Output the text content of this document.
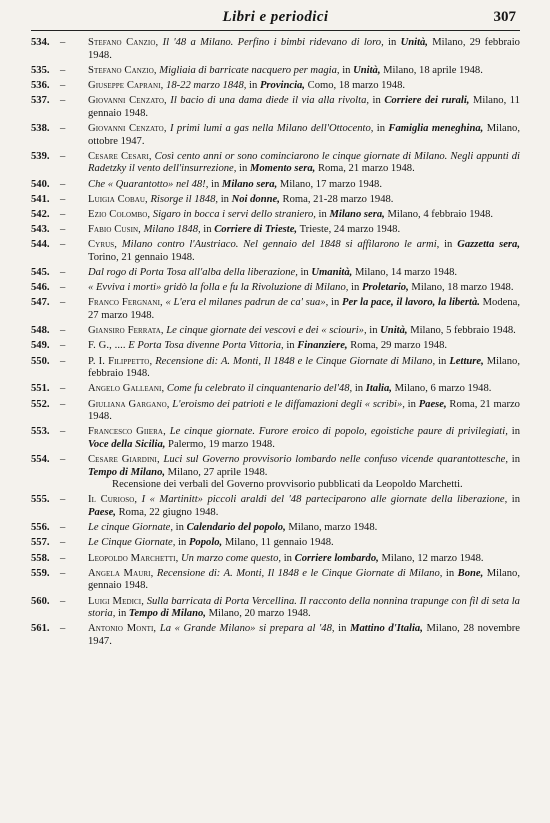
Libri e periodici	307
534. – Stefano Canzio, Il '48 a Milano. Perfino i bimbi ridevano di loro, in Unità, Milano, 29 febbraio 1948.
535. – Stefano Canzio, Migliaia di barricate nacquero per magia, in Unità, Milano, 18 aprile 1948.
536. – Giuseppe Caprani, 18-22 marzo 1848, in Provincia, Como, 18 marzo 1948.
537. – Giovanni Cenzato, Il bacio di una dama diede il via alla rivolta, in Corriere dei rurali, Milano, 11 gennaio 1948.
538. – Giovanni Cenzato, I primi lumi a gas nella Milano dell'Ottocento, in Famiglia meneghina, Milano, ottobre 1947.
539. – Cesare Cesari, Così cento anni or sono cominciarono le cinque giornate di Milano. Negli appunti di Radetzky il vento dell'insurrezione, in Momento sera, Roma, 21 marzo 1948.
540. – Che « Quarantotto» nel 48!, in Milano sera, Milano, 17 marzo 1948.
541. – Luigia Cobau, Risorge il 1848, in Noi donne, Roma, 21-28 marzo 1948.
542. – Ezio Colombo, Sigaro in bocca i servi dello straniero, in Milano sera, Milano, 4 febbraio 1948.
543. – Fabio Cusin, Milano 1848, in Corriere di Trieste, Trieste, 24 marzo 1948.
544. – Cyrus, Milano contro l'Austriaco. Nel gennaio del 1848 si affilarono le armi, in Gazzetta sera, Torino, 21 gennaio 1948.
545. – Dal rogo di Porta Tosa all'alba della liberazione, in Umanità, Milano, 14 marzo 1948.
546. – « Evviva i morti» gridò la folla e fu la Rivoluzione di Milano, in Proletario, Milano, 18 marzo 1948.
547. – Franco Fergnani, « L'era el milanes padrun de ca' sua», in Per la pace, il lavoro, la libertà. Modena, 27 marzo 1948.
548. – Giansiro Ferrata, Le cinque giornate dei vescovi e dei « sciouri», in Unità, Milano, 5 febbraio 1948.
549. – F. G., .... E Porta Tosa divenne Porta Vittoria, in Finanziere, Roma, 29 marzo 1948.
550. – P. I. Filippetto, Recensione di: A. Monti, Il 1848 e le Cinque Giornate di Milano, in Letture, Milano, febbraio 1948.
551. – Angelo Galleani, Come fu celebrato il cinquantenario del'48, in Italia, Milano, 6 marzo 1948.
552. – Giuliana Gargano, L'eroismo dei patrioti e le diffamazioni degli « scribi», in Paese, Roma, 21 marzo 1948.
553. – Francesco Giiera, Le cinque giornate. Furore eroico di popolo, egoistiche paure di privilegiati, in Voce della Sicilia, Palermo, 19 marzo 1948.
554. – Cesare Giardini, Luci sul Governo provvisorio lombardo nelle confuso vicende quarantottesche, in Tempo di Milano, Milano, 27 aprile 1948.
Recensione dei verbali del Governo provvisorio pubblicati da Leopoldo Marchetti.
555. – Il Curioso, I « Martinitt» piccoli araldi del '48 parteciparono alle giornate della liberazione, in Paese, Roma, 22 giugno 1948.
556. – Le cinque Giornate, in Calendario del popolo, Milano, marzo 1948.
557. – Le Cinque Giornate, in Popolo, Milano, 11 gennaio 1948.
558. – Leopoldo Marchetti, Un marzo come questo, in Corriere lombardo, Milano, 12 marzo 1948.
559. – Angela Mauri, Recensione di: A. Monti, Il 1848 e le Cinque Giornate di Milano, in Bone, Milano, gennaio 1948.
560. – Luigi Medici, Sulla barricata di Porta Vercellina. Il racconto della nonnina trapunge con fil di seta la storia, in Tempo di Milano, Milano, 20 marzo 1948.
561. – Antonio Monti, La « Grande Milano» si prepara al '48, in Mattino d'Italia, Milano, 28 novembre 1947.
